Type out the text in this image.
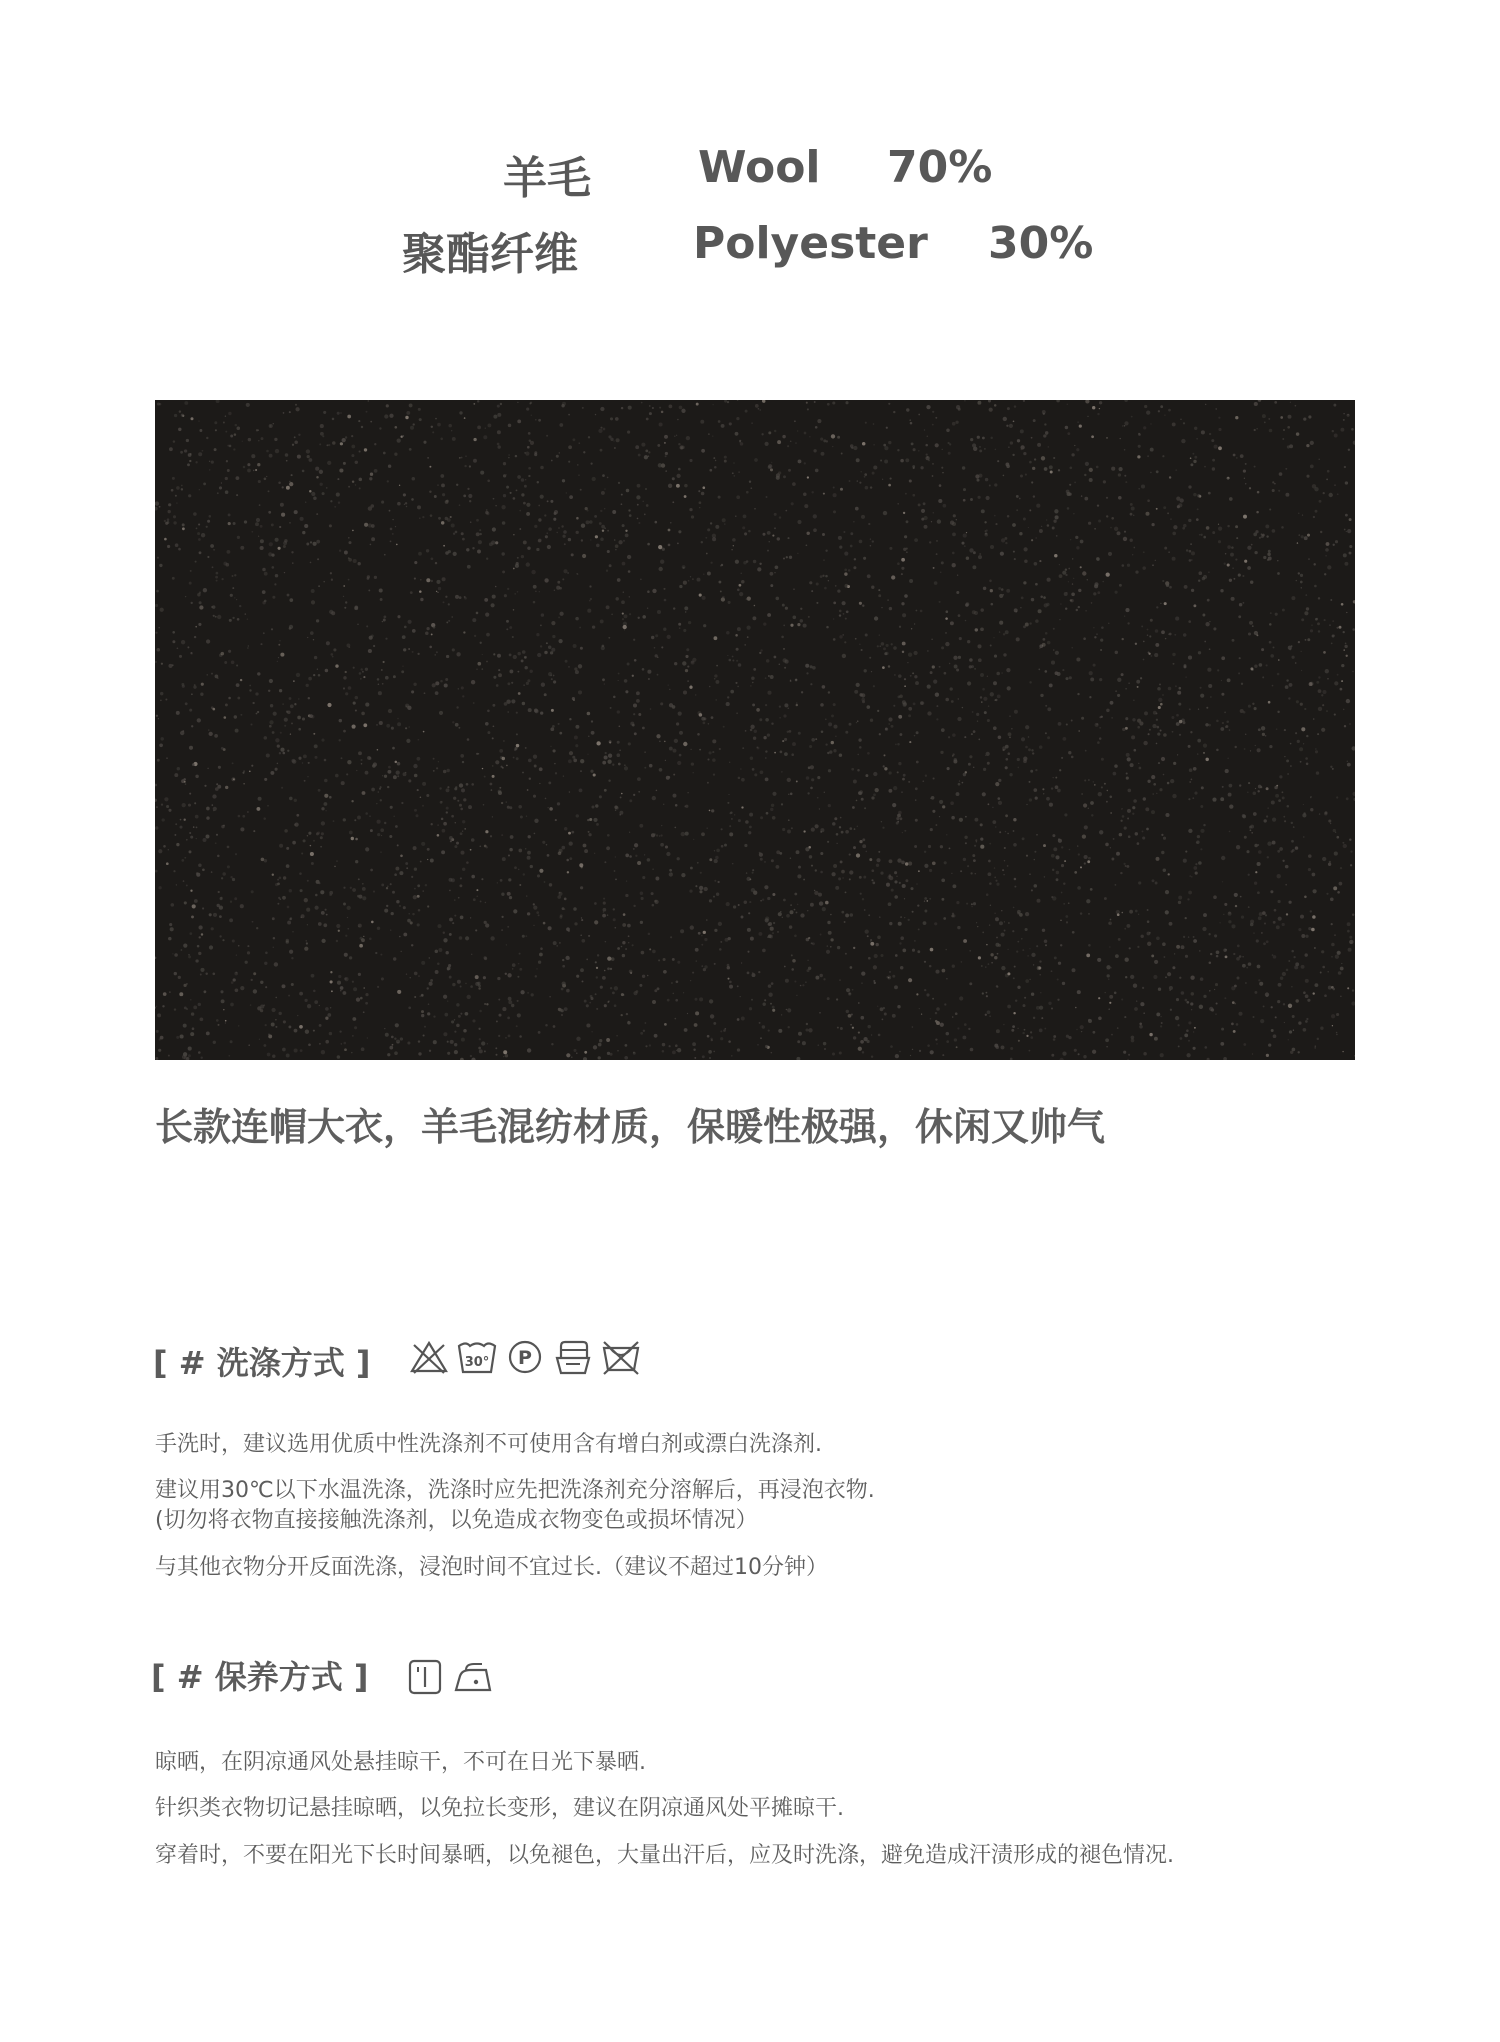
羊毛 Wool 70%
聚酯纤维	Polyester 30%
长款连帽大衣，羊毛混纺材质，保暖性极强，休闲又帅气
[ # 洗涤方式 ]	30° P
手洗时，建议选用优质中性洗涤剂不可使用含有增白剂或漂白洗涤剂.
建议用30℃以下水温洗涤，洗涤时应先把洗涤剂充分溶解后，再浸泡衣物.
(切勿将衣物直接接触洗涤剂，以免造成衣物变色或损坏情况）
与其他衣物分开反面洗涤，浸泡时间不宜过长.（建议不超过10分钟）
[ # 保养方式 ]
晾晒，在阴凉通风处悬挂晾干，不可在日光下暴晒.
针织类衣物切记悬挂晾晒，以免拉长变形，建议在阴凉通风处平摊晾干.
穿着时，不要在阳光下长时间暴晒，以免褪色，大量出汗后，应及时洗涤，避免造成汗渍形成的褪色情况.
